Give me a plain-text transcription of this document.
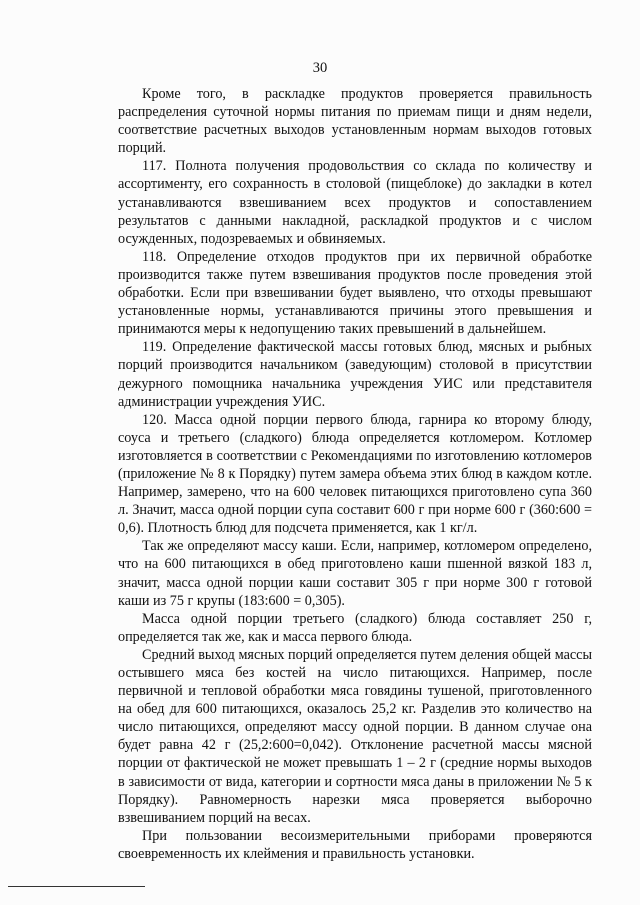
30

Кроме того, в раскладке продуктов проверяется правильность распределения суточной нормы питания по приемам пищи и дням недели, соответствие расчетных выходов установленным нормам выходов готовых порций.

117. Полнота получения продовольствия со склада по количеству и ассортименту, его сохранность в столовой (пищеблоке) до закладки в котел устанавливаются взвешиванием всех продуктов и сопоставлением результатов с данными накладной, раскладкой продуктов и с числом осужденных, подозреваемых и обвиняемых.

118. Определение отходов продуктов при их первичной обработке производится также путем взвешивания продуктов после проведения этой обработки. Если при взвешивании будет выявлено, что отходы превышают установленные нормы, устанавливаются причины этого превышения и принимаются меры к недопущению таких превышений в дальнейшем.

119. Определение фактической массы готовых блюд, мясных и рыбных порций производится начальником (заведующим) столовой в присутствии дежурного помощника начальника учреждения УИС или представителя администрации учреждения УИС.

120. Масса одной порции первого блюда, гарнира ко второму блюду, соуса и третьего (сладкого) блюда определяется котломером. Котломер изготовляется в соответствии с Рекомендациями по изготовлению котломеров (приложение № 8 к Порядку) путем замера объема этих блюд в каждом котле. Например, замерено, что на 600 человек питающихся приготовлено супа 360 л. Значит, масса одной порции супа составит 600 г при норме 600 г (360:600 = 0,6). Плотность блюд для подсчета применяется, как 1 кг/л.

Так же определяют массу каши. Если, например, котломером определено, что на 600 питающихся в обед приготовлено каши пшенной вязкой 183 л, значит, масса одной порции каши составит 305 г при норме 300 г готовой каши из 75 г крупы (183:600 = 0,305).

Масса одной порции третьего (сладкого) блюда составляет 250 г, определяется так же, как и масса первого блюда.

Средний выход мясных порций определяется путем деления общей массы остывшего мяса без костей на число питающихся. Например, после первичной и тепловой обработки мяса говядины тушеной, приготовленного на обед для 600 питающихся, оказалось 25,2 кг. Разделив это количество на число питающихся, определяют массу одной порции. В данном случае она будет равна 42 г (25,2:600=0,042). Отклонение расчетной массы мясной порции от фактической не может превышать 1 – 2 г (средние нормы выходов в зависимости от вида, категории и сортности мяса даны в приложении № 5 к Порядку). Равномерность нарезки мяса проверяется выборочно взвешиванием порций на весах.

При пользовании весоизмерительными приборами проверяются своевременность их клеймения и правильность установки.
